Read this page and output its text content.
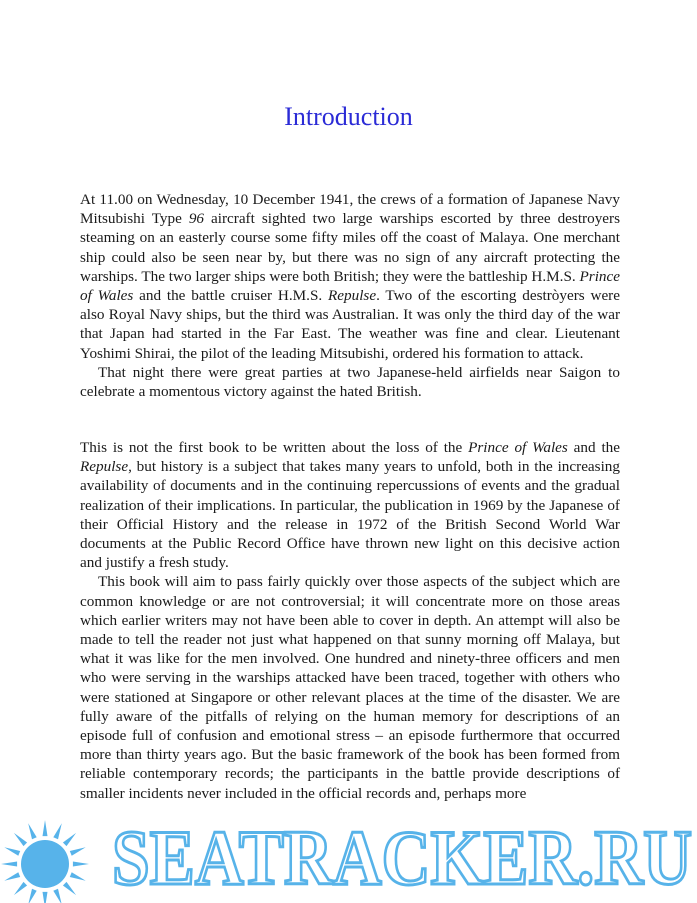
Introduction

At 11.00 on Wednesday, 10 December 1941, the crews of a formation of Japanese Navy Mitsubishi Type 96 aircraft sighted two large warships escorted by three destroyers steaming on an easterly course some fifty miles off the coast of Malaya. One merchant ship could also be seen near by, but there was no sign of any aircraft protecting the warships. The two larger ships were both British; they were the battleship H.M.S. Prince of Wales and the battle cruiser H.M.S. Repulse. Two of the escorting destròyers were also Royal Navy ships, but the third was Australian. It was only the third day of the war that Japan had started in the Far East. The weather was fine and clear. Lieutenant Yoshimi Shirai, the pilot of the leading Mitsubishi, ordered his formation to attack.

That night there were great parties at two Japanese-held airfields near Saigon to celebrate a momentous victory against the hated British.

This is not the first book to be written about the loss of the Prince of Wales and the Repulse, but history is a subject that takes many years to unfold, both in the increasing availability of documents and in the continuing repercussions of events and the gradual realization of their implications. In particular, the publication in 1969 by the Japanese of their Official History and the release in 1972 of the British Second World War documents at the Public Record Office have thrown new light on this decisive action and justify a fresh study.

This book will aim to pass fairly quickly over those aspects of the subject which are common knowledge or are not controversial; it will concentrate more on those areas which earlier writers may not have been able to cover in depth. An attempt will also be made to tell the reader not just what happened on that sunny morning off Malaya, but what it was like for the men involved. One hundred and ninety-three officers and men who were serving in the warships attacked have been traced, together with others who were stationed at Singapore or other relevant places at the time of the disaster. We are fully aware of the pitfalls of relying on the human memory for descriptions of an episode full of confusion and emotional stress – an episode furthermore that occurred more than thirty years ago. But the basic framework of the book has been formed from reliable contemporary records; the participants in the battle provide descriptions of smaller incidents never included in the official records and, perhaps more

SEATRACKER.RU
